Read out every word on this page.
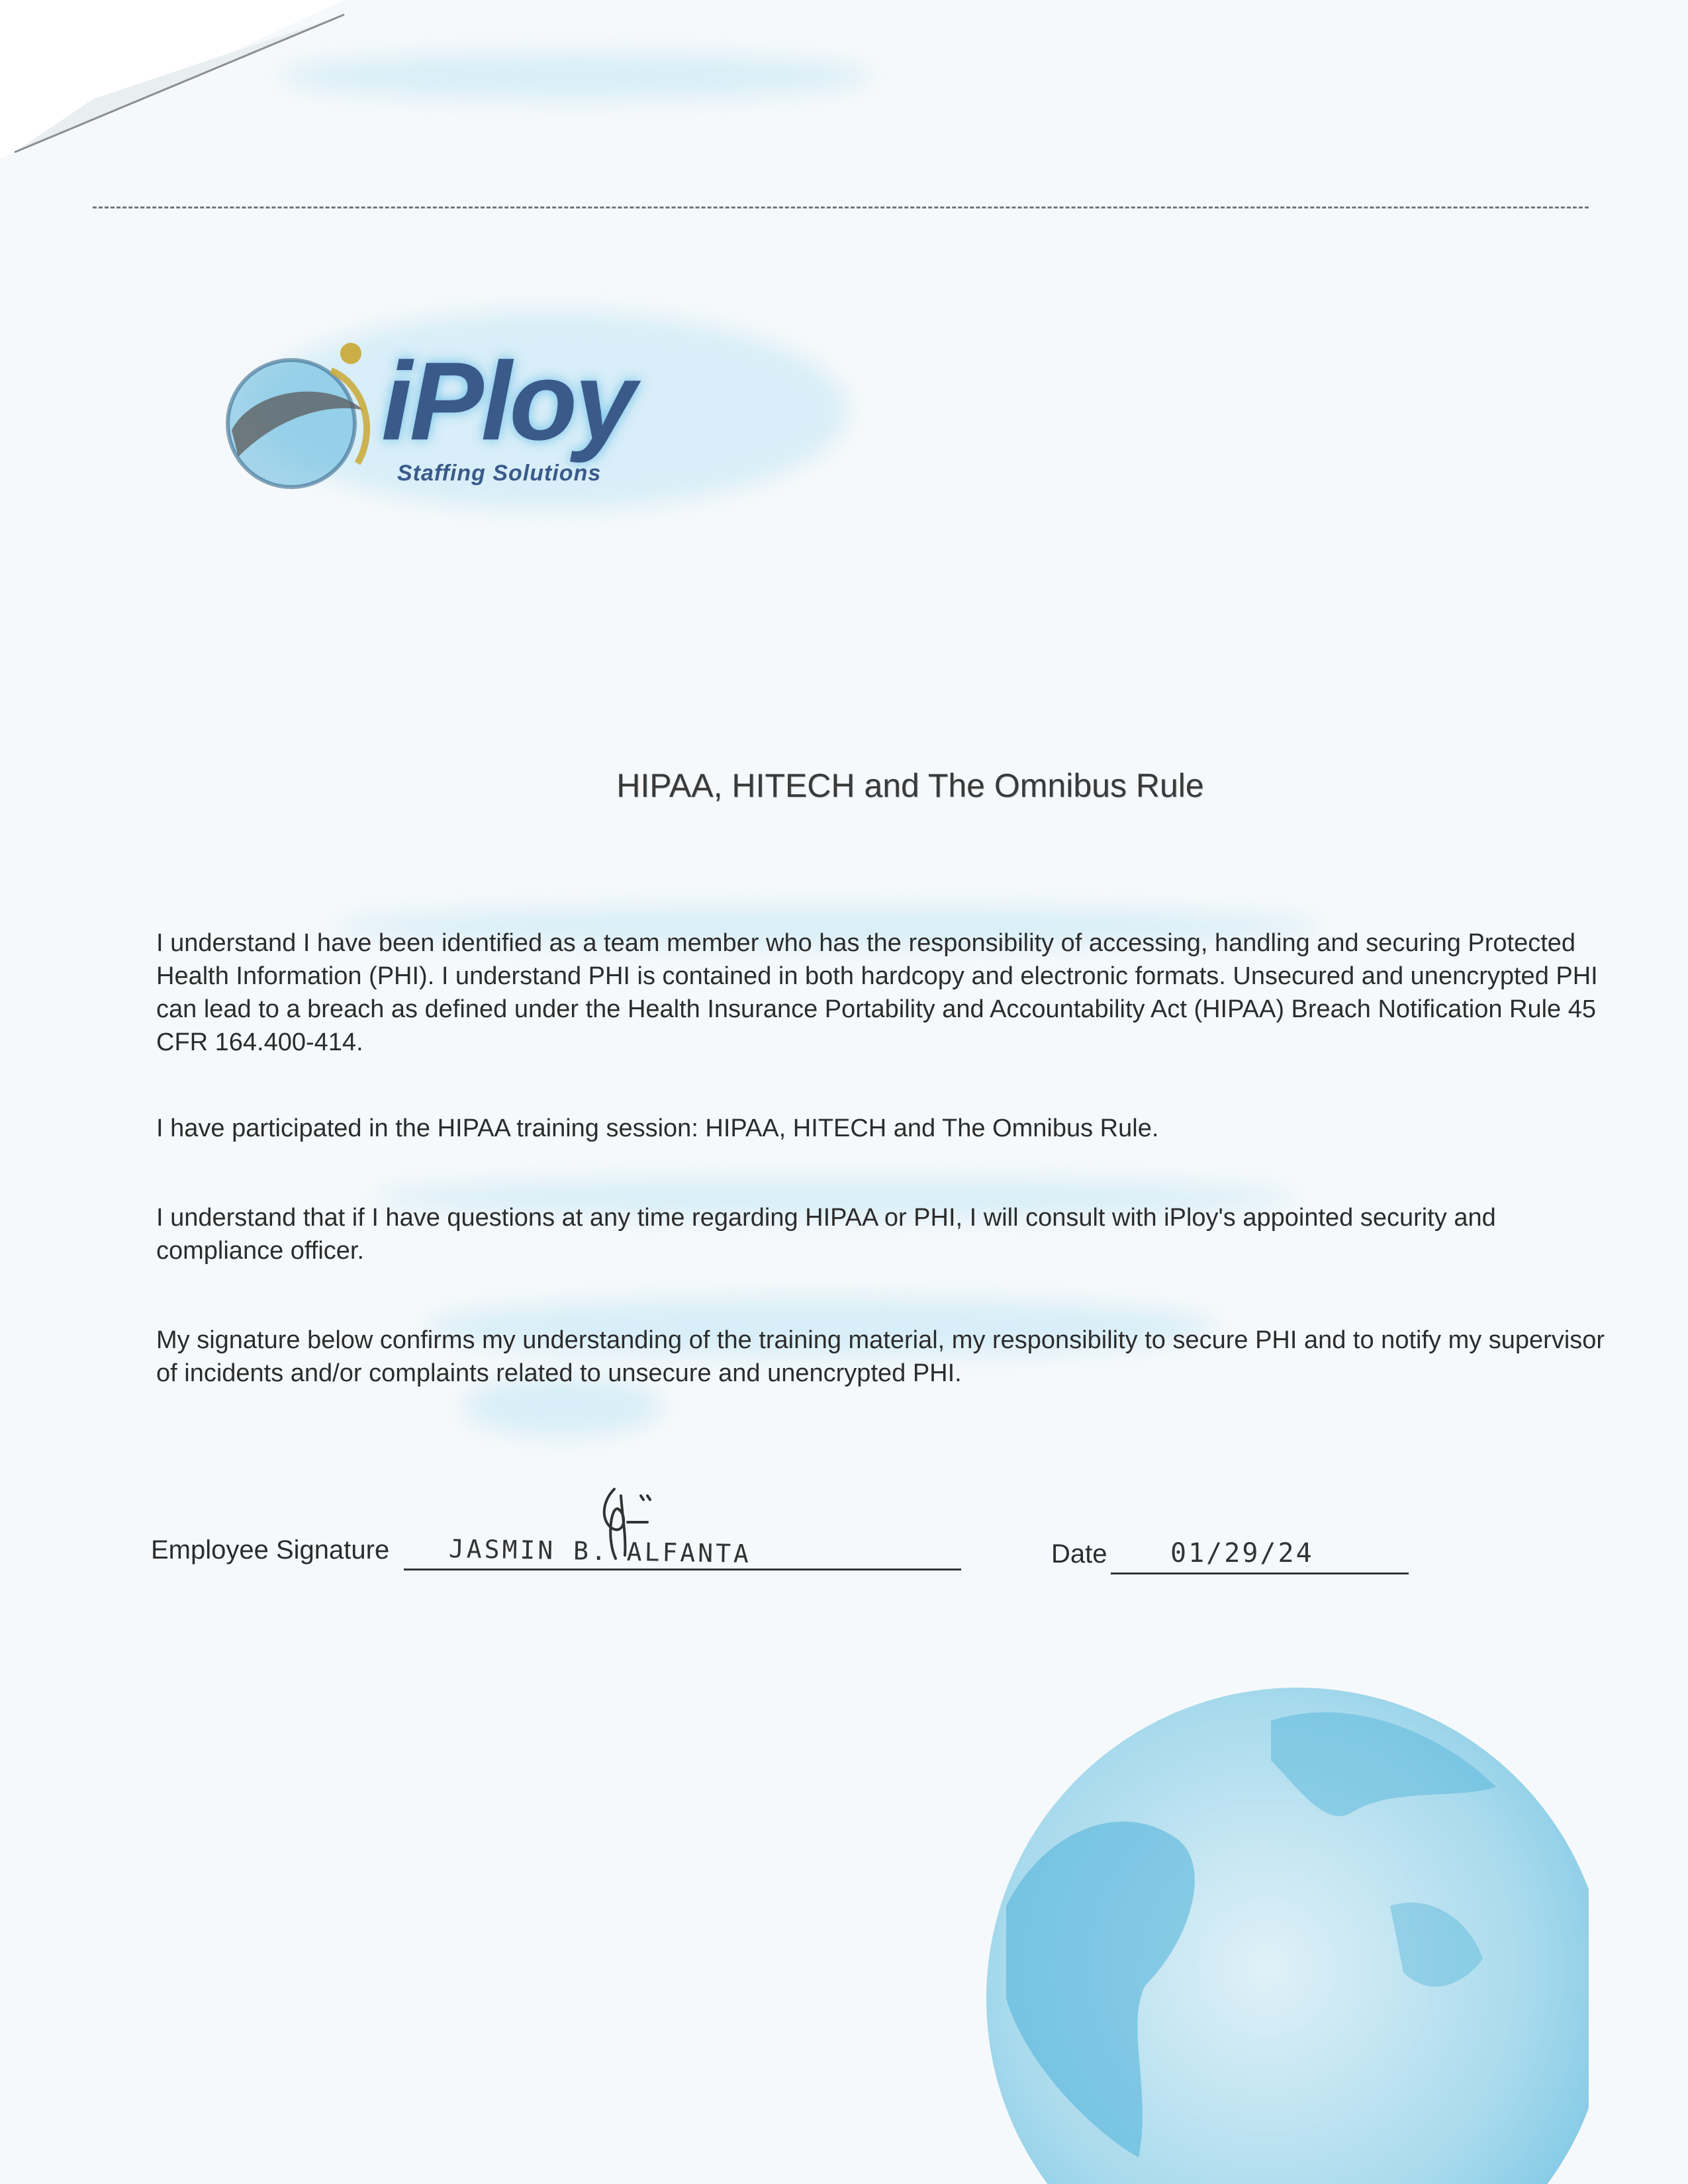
iPloy
Staffing Solutions
HIPAA, HITECH and The Omnibus Rule

I understand I have been identified as a team member who has the responsibility of accessing, handling and securing Protected Health Information (PHI). I understand PHI is contained in both hardcopy and electronic formats. Unsecured and unencrypted PHI can lead to a breach as defined under the Health Insurance Portability and Accountability Act (HIPAA) Breach Notification Rule 45 CFR 164.400-414.

I have participated in the HIPAA training session: HIPAA, HITECH and The Omnibus Rule.

I understand that if I have questions at any time regarding HIPAA or PHI, I will consult with iPloy's appointed security and compliance officer.

My signature below confirms my understanding of the training material, my responsibility to secure PHI and to notify my supervisor of incidents and/or complaints related to unsecure and unencrypted PHI.

Employee Signature JASMIN B. ALFANTA	Date 01/29/24
